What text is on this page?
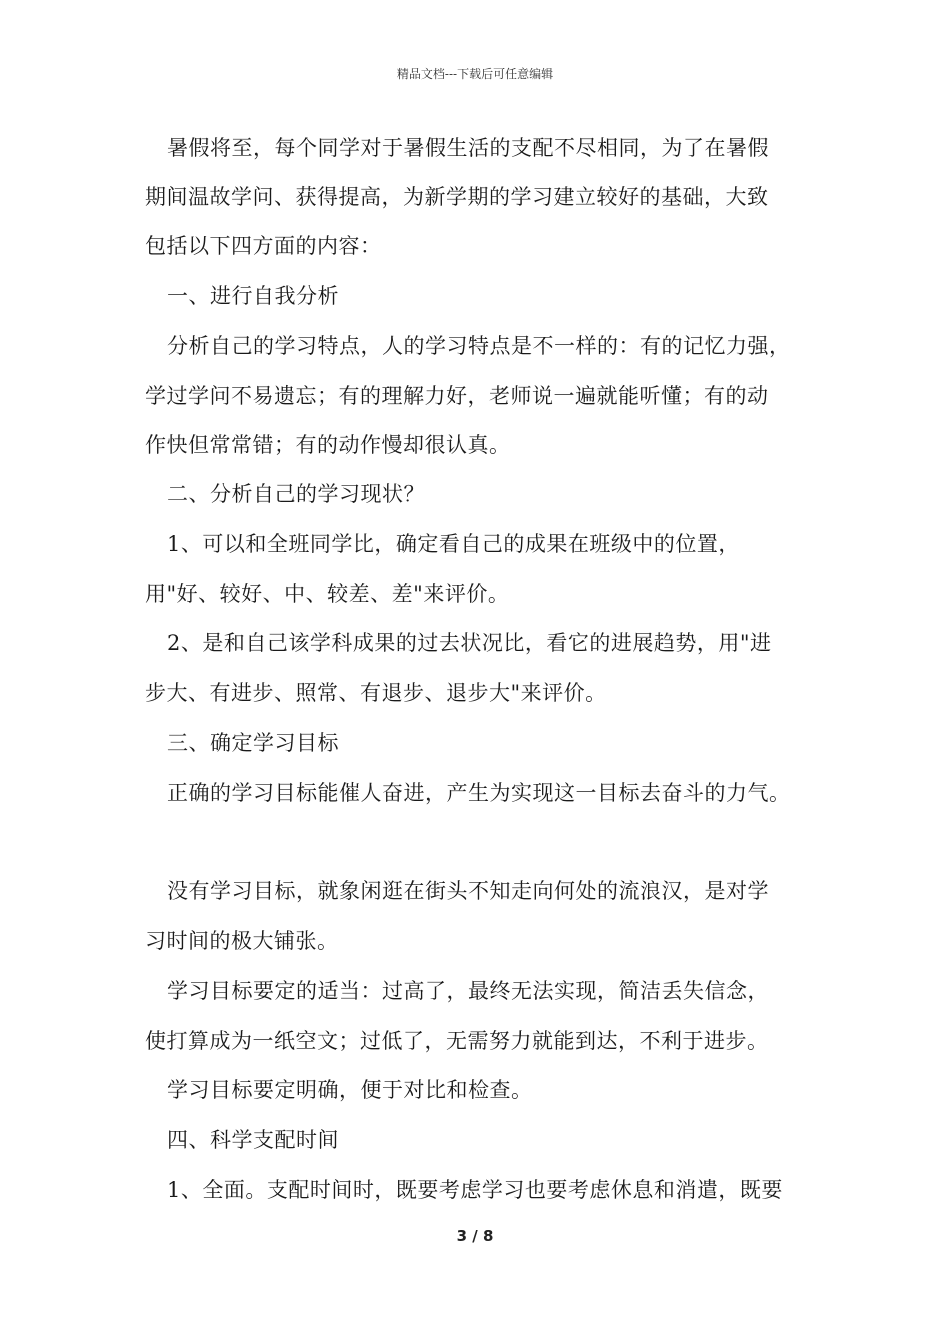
精品文档---下载后可任意编辑
暑假将至，每个同学对于暑假生活的支配不尽相同，为了在暑假
期间温故学问、获得提高，为新学期的学习建立较好的基础，大致
包括以下四方面的内容：
一、进行自我分析
分析自己的学习特点，人的学习特点是不一样的：有的记忆力强，
学过学问不易遗忘；有的理解力好，老师说一遍就能听懂；有的动
作快但常常错；有的动作慢却很认真。
二、分析自己的学习现状？
1、可以和全班同学比，确定看自己的成果在班级中的位置，
用"好、较好、中、较差、差"来评价。
2、是和自己该学科成果的过去状况比，看它的进展趋势，用"进
步大、有进步、照常、有退步、退步大"来评价。
三、确定学习目标
正确的学习目标能催人奋进，产生为实现这一目标去奋斗的力气。
没有学习目标，就象闲逛在街头不知走向何处的流浪汉，是对学
习时间的极大铺张。
学习目标要定的适当：过高了，最终无法实现，简洁丢失信念，
使打算成为一纸空文；过低了，无需努力就能到达，不利于进步。
学习目标要定明确，便于对比和检查。
四、科学支配时间
1、全面。支配时间时，既要考虑学习也要考虑休息和消遣，既要
3 / 8
